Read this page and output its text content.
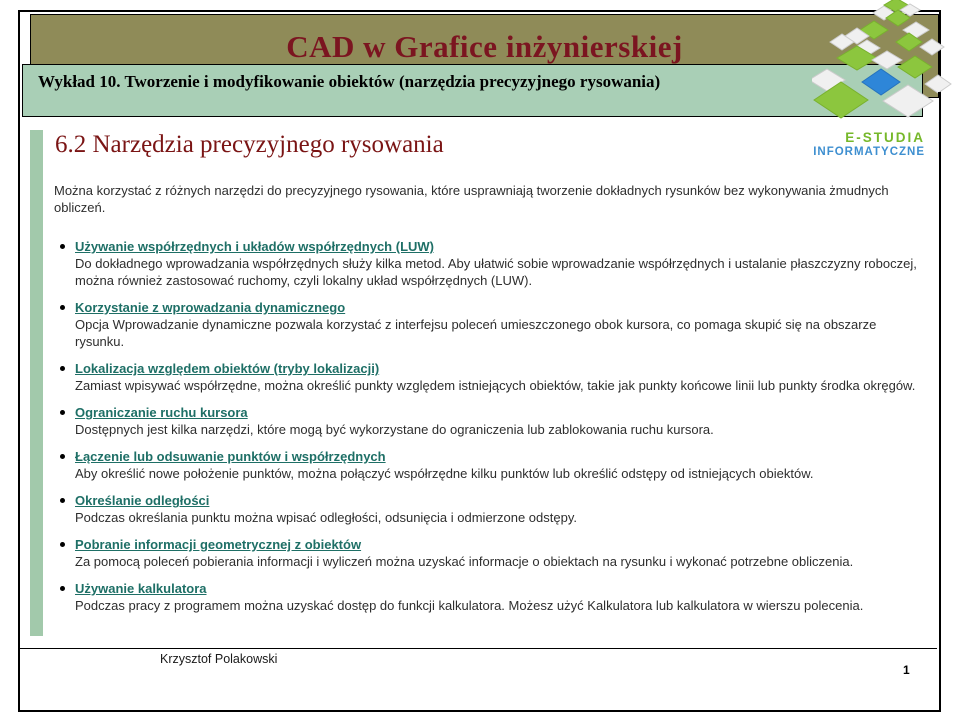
CAD w Grafice inżynierskiej
Wykład 10. Tworzenie i modyfikowanie obiektów (narzędzia precyzyjnego rysowania)
E-STUDIA
INFORMATYCZNE
6.2 Narzędzia precyzyjnego rysowania
Można korzystać z różnych narzędzi do precyzyjnego rysowania, które usprawniają tworzenie dokładnych rysunków bez wykonywania żmudnych obliczeń.
Używanie współrzędnych i układów współrzędnych (LUW)
Do dokładnego wprowadzania współrzędnych służy kilka metod. Aby ułatwić sobie wprowadzanie współrzędnych i ustalanie płaszczyzny roboczej, można również zastosować ruchomy, czyli lokalny układ współrzędnych (LUW).
Korzystanie z wprowadzania dynamicznego
Opcja Wprowadzanie dynamiczne pozwala korzystać z interfejsu poleceń umieszczonego obok kursora, co pomaga skupić się na obszarze rysunku.
Lokalizacja względem obiektów (tryby lokalizacji)
Zamiast wpisywać współrzędne, można określić punkty względem istniejących obiektów, takie jak punkty końcowe linii lub punkty środka okręgów.
Ograniczanie ruchu kursora
Dostępnych jest kilka narzędzi, które mogą być wykorzystane do ograniczenia lub zablokowania ruchu kursora.
Łączenie lub odsuwanie punktów i współrzędnych
Aby określić nowe położenie punktów, można połączyć współrzędne kilku punktów lub określić odstępy od istniejących obiektów.
Określanie odległości
Podczas określania punktu można wpisać odległości, odsunięcia i odmierzone odstępy.
Pobranie informacji geometrycznej z obiektów
Za pomocą poleceń pobierania informacji i wyliczeń można uzyskać informacje o obiektach na rysunku i wykonać potrzebne obliczenia.
Używanie kalkulatora
Podczas pracy z programem można uzyskać dostęp do funkcji kalkulatora. Możesz użyć Kalkulatora lub kalkulatora w wierszu polecenia.
Krzysztof Polakowski
1
